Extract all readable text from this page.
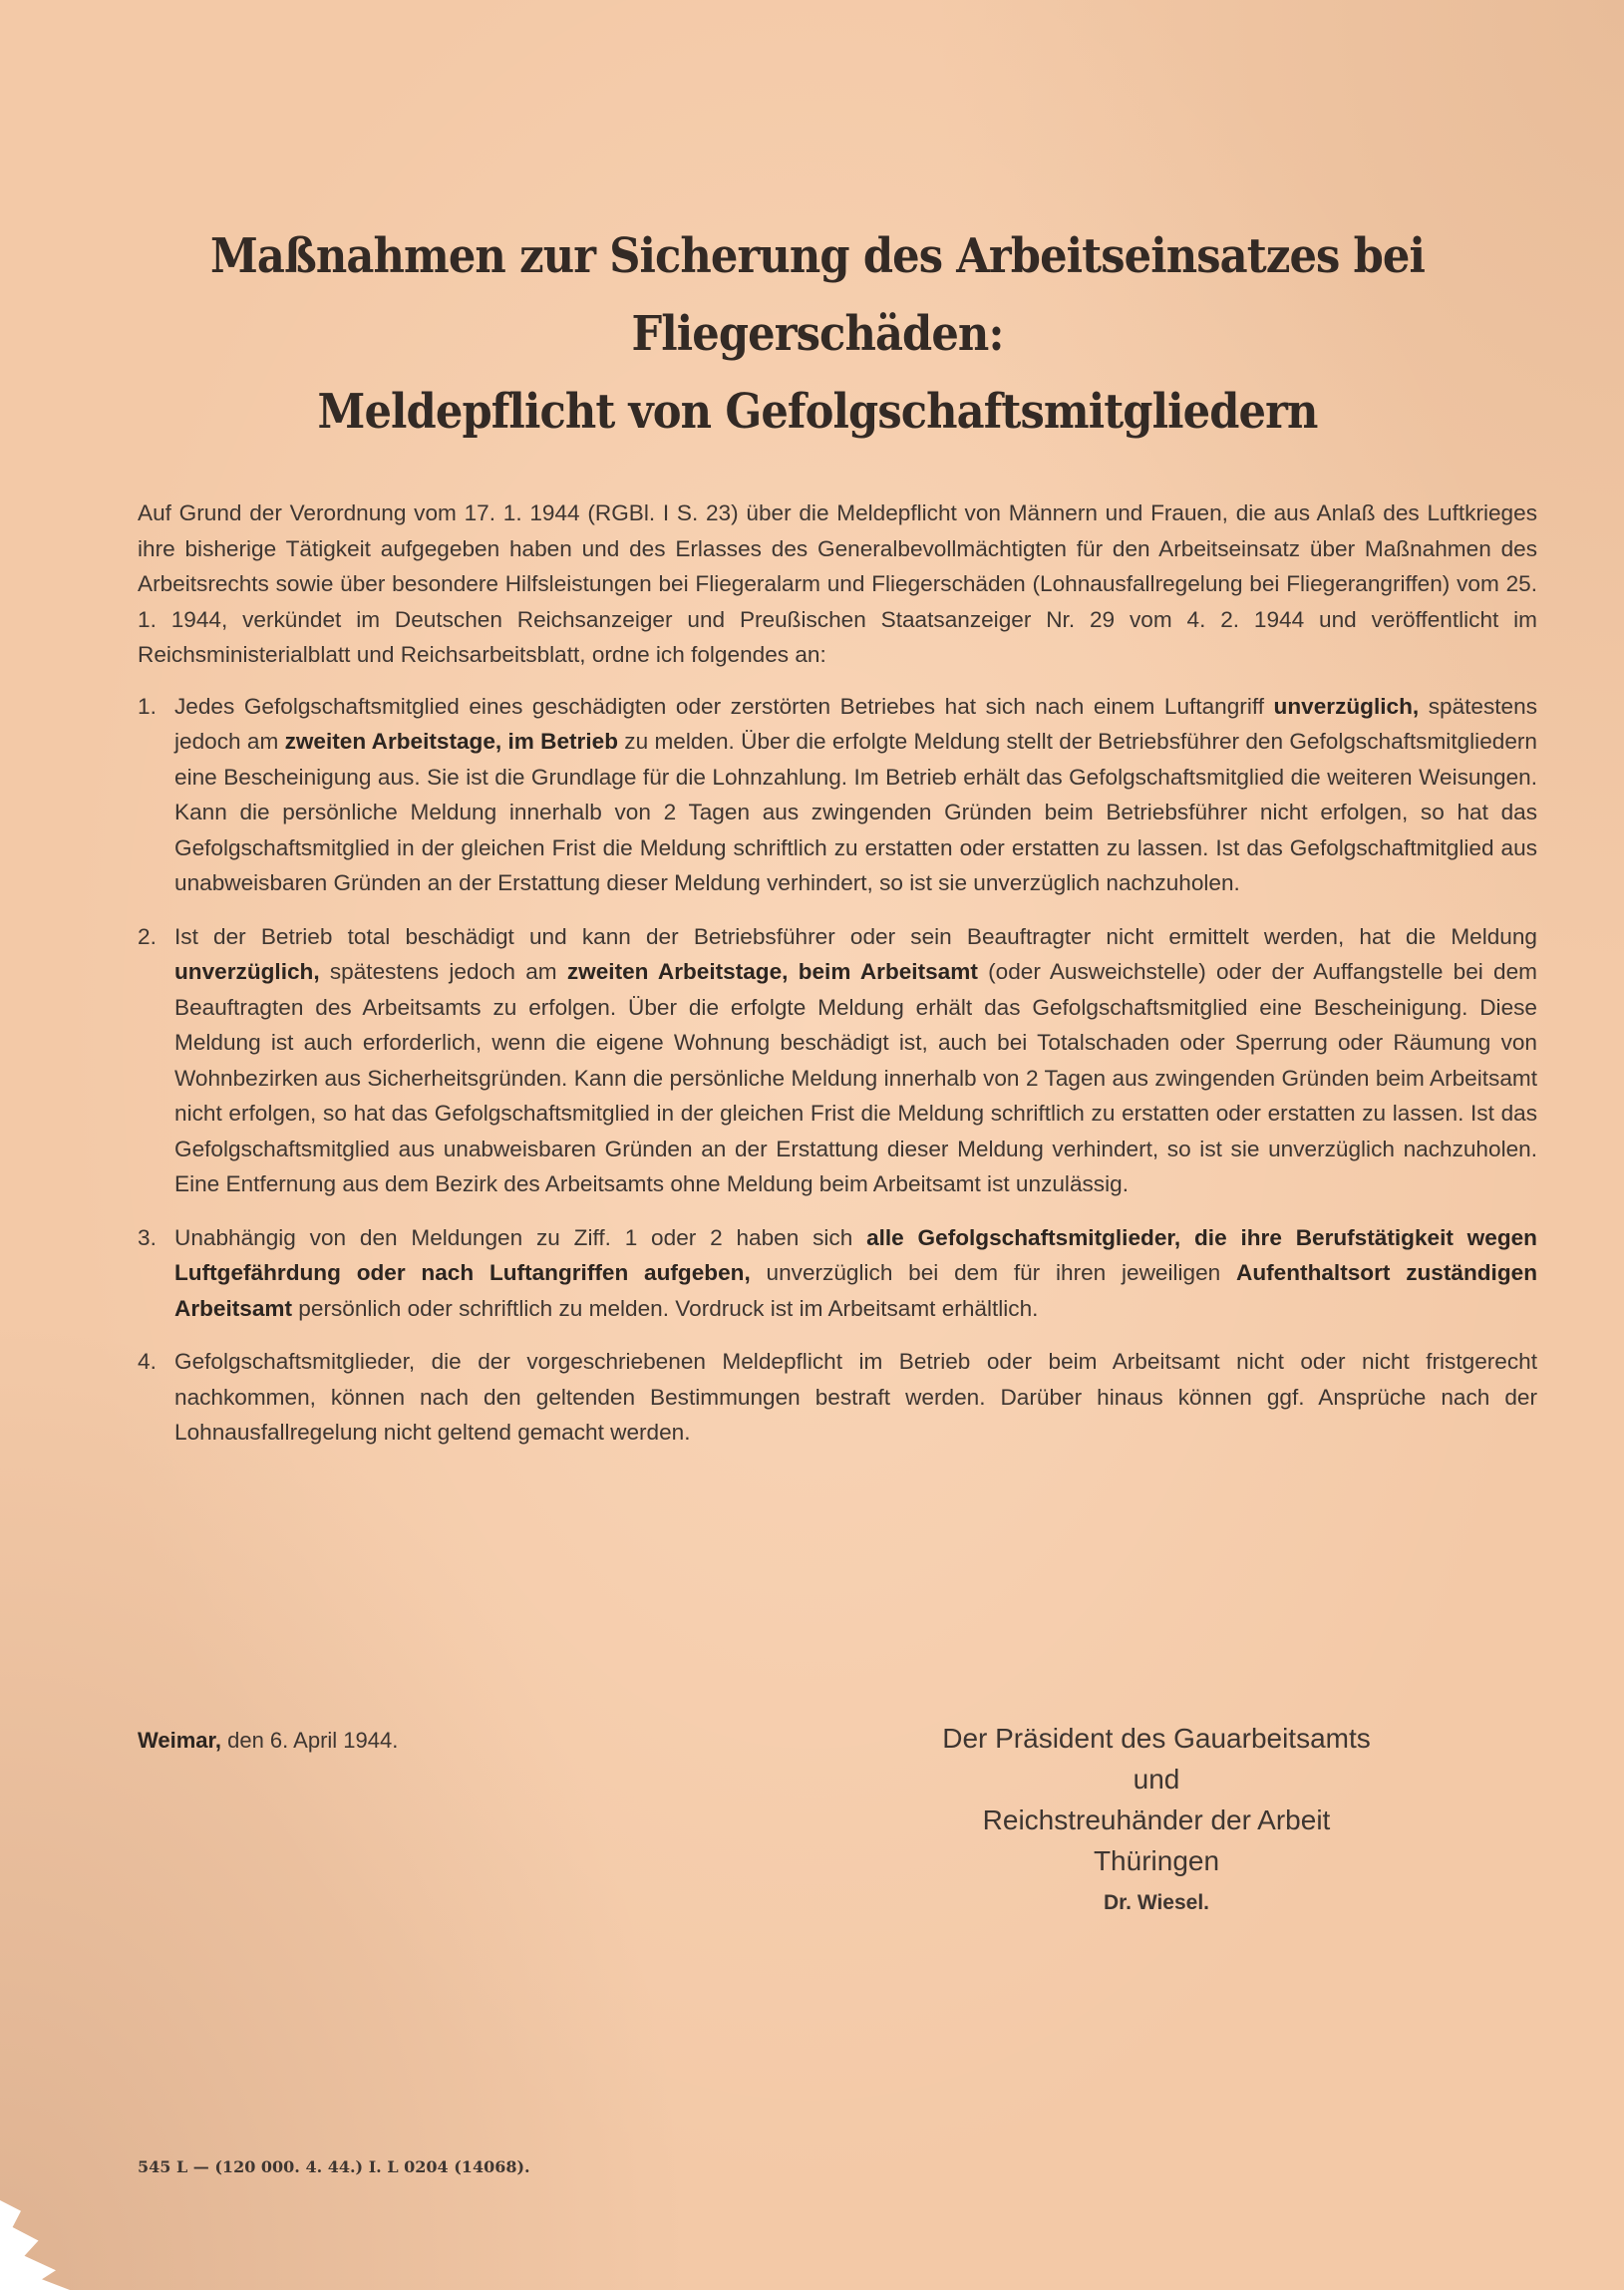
Maßnahmen zur Sicherung des Arbeitseinsatzes bei Fliegerschäden:
Meldepflicht von Gefolgschaftsmitgliedern

Auf Grund der Verordnung vom 17. 1. 1944 (RGBl. I S. 23) über die Meldepflicht von Männern und Frauen, die aus Anlaß des Luftkrieges ihre bisherige Tätigkeit aufgegeben haben und des Erlasses des Generalbevollmächtigten für den Arbeitseinsatz über Maßnahmen des Arbeitsrechts sowie über besondere Hilfsleistungen bei Fliegeralarm und Fliegerschäden (Lohnausfallregelung bei Fliegerangriffen) vom 25. 1. 1944, verkündet im Deutschen Reichsanzeiger und Preußischen Staatsanzeiger Nr. 29 vom 4. 2. 1944 und veröffentlicht im Reichsministerialblatt und Reichsarbeitsblatt, ordne ich folgendes an:

1. Jedes Gefolgschaftsmitglied eines geschädigten oder zerstörten Betriebes hat sich nach einem Luftangriff unverzüglich, spätestens jedoch am zweiten Arbeitstage, im Betrieb zu melden. Über die erfolgte Meldung stellt der Betriebsführer den Gefolgschaftsmitgliedern eine Bescheinigung aus. Sie ist die Grundlage für die Lohnzahlung. Im Betrieb erhält das Gefolgschaftsmitglied die weiteren Weisungen. Kann die persönliche Meldung innerhalb von 2 Tagen aus zwingenden Gründen beim Betriebsführer nicht erfolgen, so hat das Gefolgschaftsmitglied in der gleichen Frist die Meldung schriftlich zu erstatten oder erstatten zu lassen. Ist das Gefolgschaftmitglied aus unabweisbaren Gründen an der Erstattung dieser Meldung verhindert, so ist sie unverzüglich nachzuholen.
2. Ist der Betrieb total beschädigt und kann der Betriebsführer oder sein Beauftragter nicht ermittelt werden, hat die Meldung unverzüglich, spätestens jedoch am zweiten Arbeitstage, beim Arbeitsamt (oder Ausweichstelle) oder der Auffangstelle bei dem Beauftragten des Arbeitsamts zu erfolgen. Über die erfolgte Meldung erhält das Gefolgschaftsmitglied eine Bescheinigung. Diese Meldung ist auch erforderlich, wenn die eigene Wohnung beschädigt ist, auch bei Totalschaden oder Sperrung oder Räumung von Wohnbezirken aus Sicherheitsgründen. Kann die persönliche Meldung innerhalb von 2 Tagen aus zwingenden Gründen beim Arbeitsamt nicht erfolgen, so hat das Gefolgschaftsmitglied in der gleichen Frist die Meldung schriftlich zu erstatten oder erstatten zu lassen. Ist das Gefolgschaftsmitglied aus unabweisbaren Gründen an der Erstattung dieser Meldung verhindert, so ist sie unverzüglich nachzuholen. Eine Entfernung aus dem Bezirk des Arbeitsamts ohne Meldung beim Arbeitsamt ist unzulässig.
3. Unabhängig von den Meldungen zu Ziff. 1 oder 2 haben sich alle Gefolgschaftsmitglieder, die ihre Berufstätigkeit wegen Luftgefährdung oder nach Luftangriffen aufgeben, unverzüglich bei dem für ihren jeweiligen Aufenthaltsort zuständigen Arbeitsamt persönlich oder schriftlich zu melden. Vordruck ist im Arbeitsamt erhältlich.
4. Gefolgschaftsmitglieder, die der vorgeschriebenen Meldepflicht im Betrieb oder beim Arbeitsamt nicht oder nicht fristgerecht nachkommen, können nach den geltenden Bestimmungen bestraft werden. Darüber hinaus können ggf. Ansprüche nach der Lohnausfallregelung nicht geltend gemacht werden.
Weimar, den 6. April 1944.	Der Präsident des Gauarbeitsamts
und
Reichstreuhänder der Arbeit
Thüringen
Dr. Wiesel.
545 L — (120 000. 4. 44.) I. L 0204 (14068).
